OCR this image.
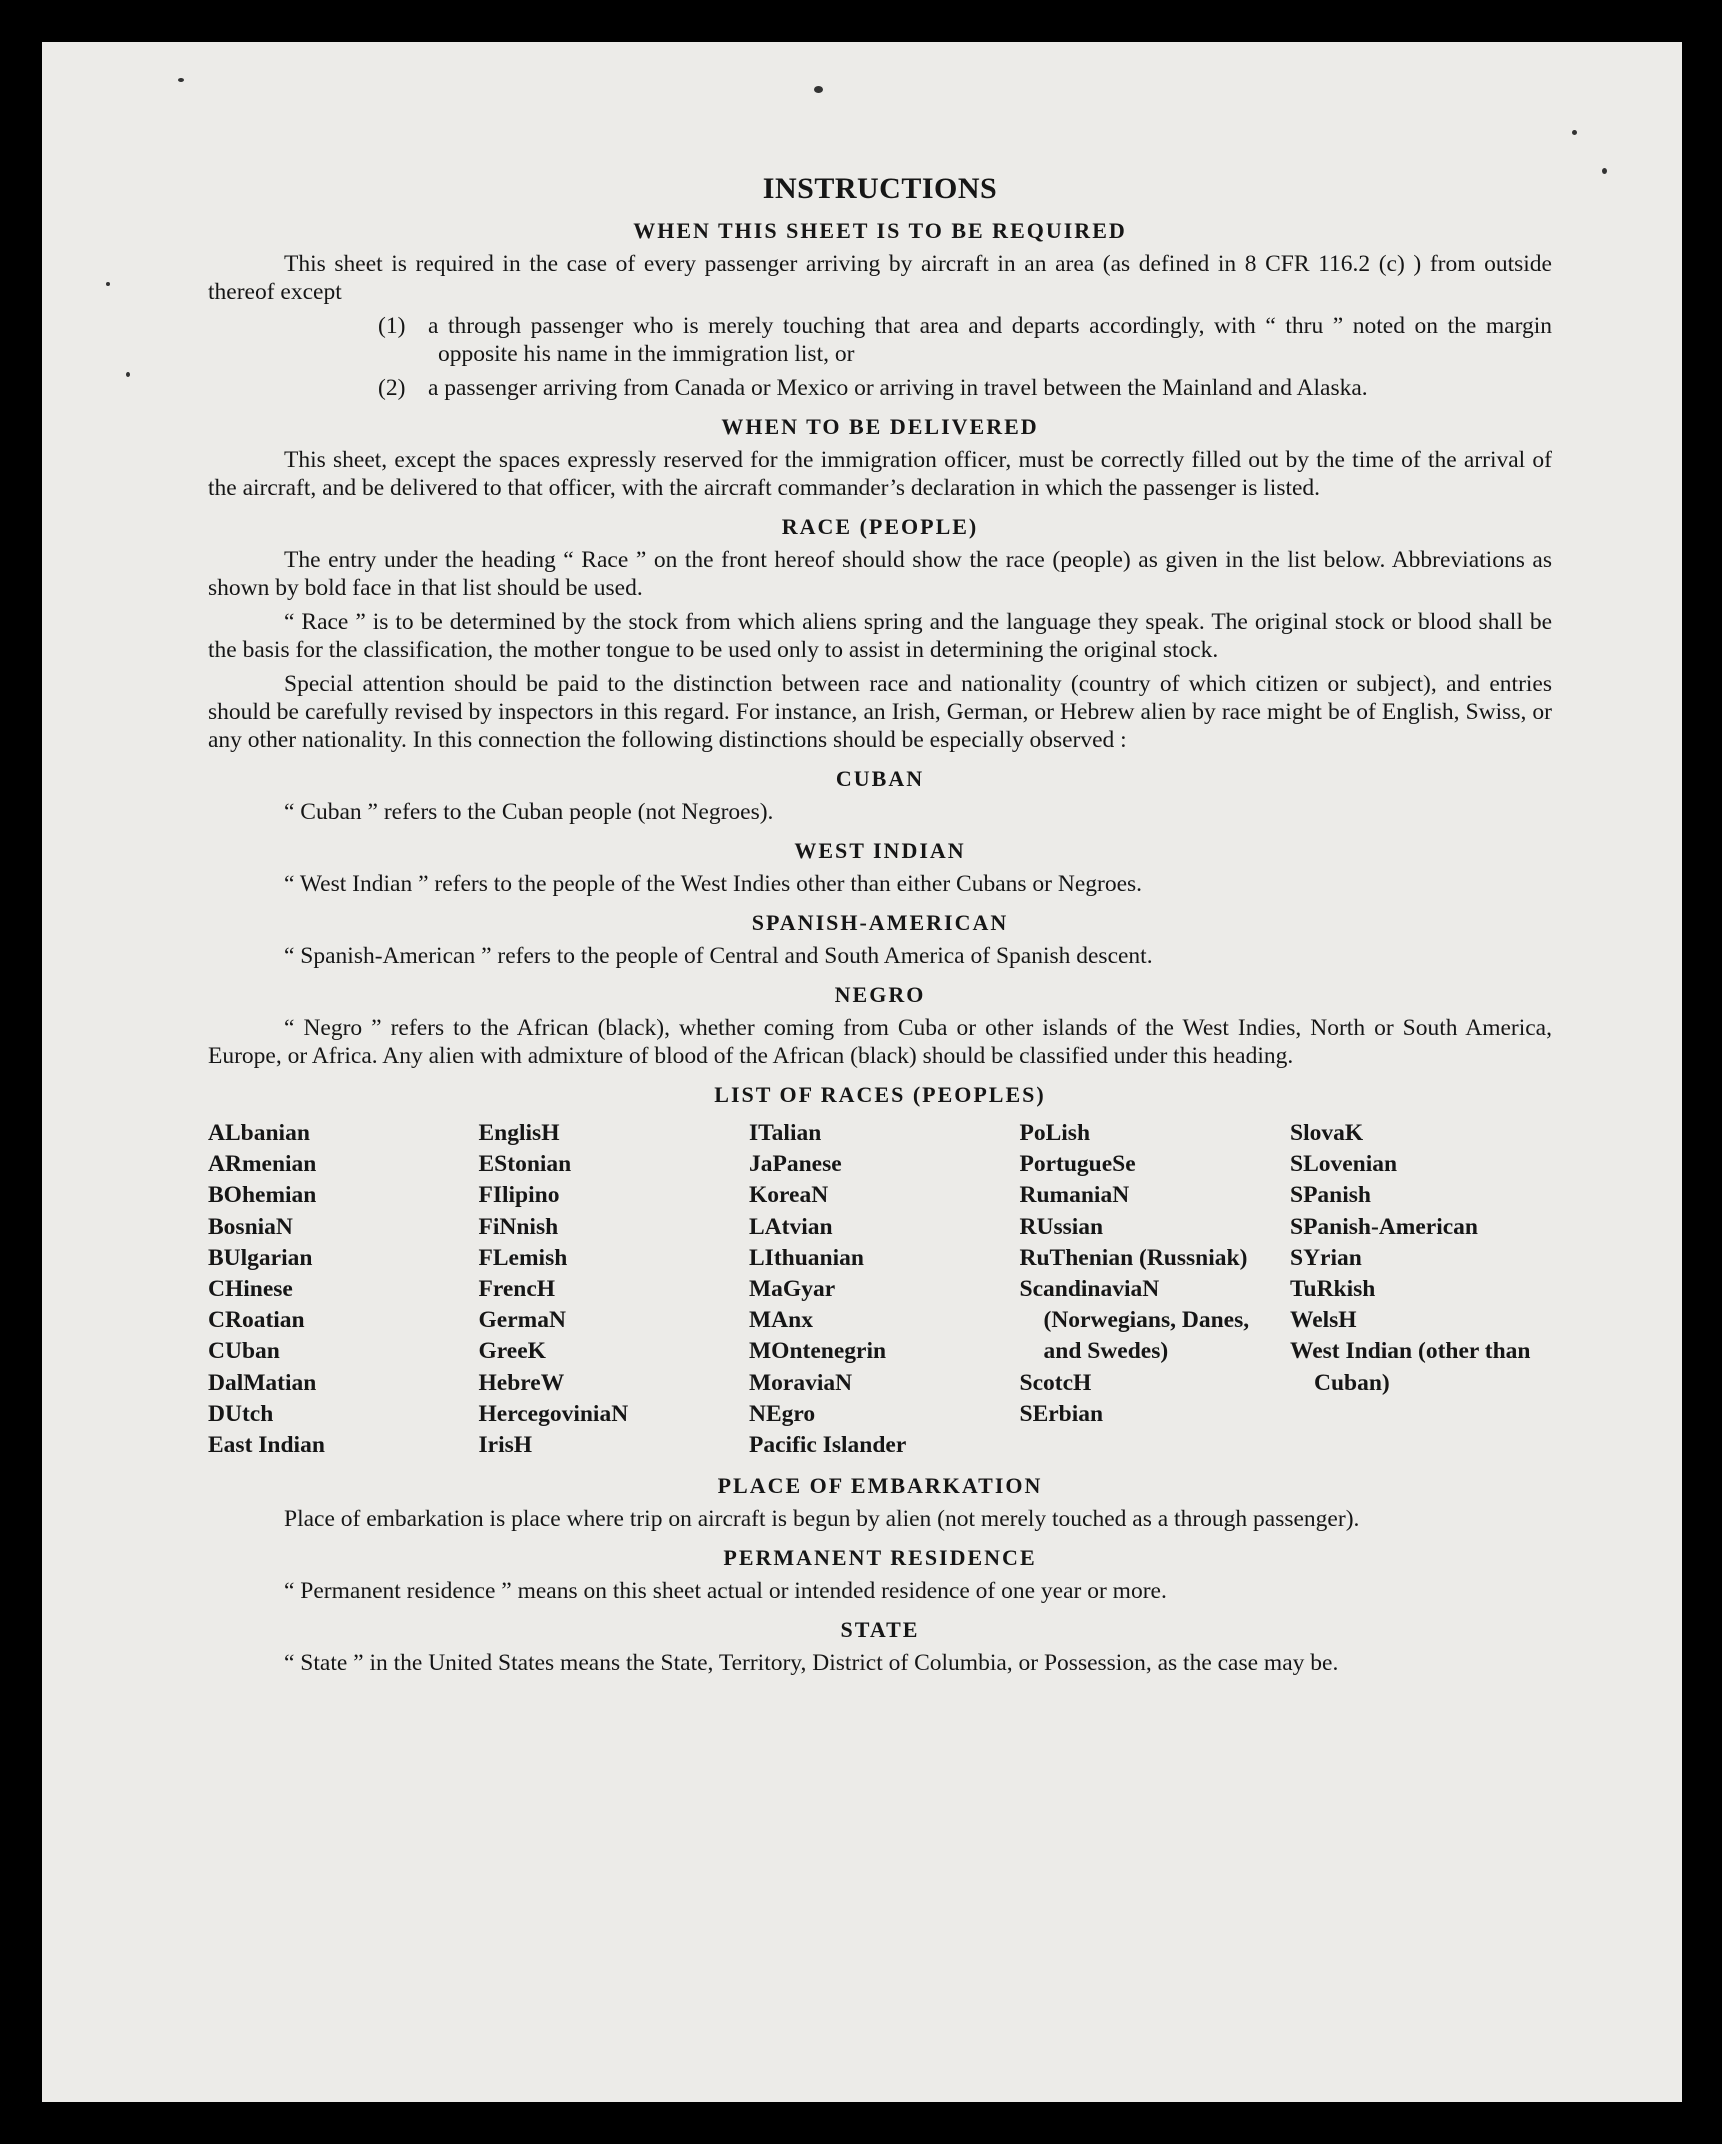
INSTRUCTIONS
WHEN THIS SHEET IS TO BE REQUIRED

This sheet is required in the case of every passenger arriving by aircraft in an area (as defined in 8 CFR 116.2 (c) ) from outside thereof except

(1) a through passenger who is merely touching that area and departs accordingly, with “ thru ” noted on the margin opposite his name in the immigration list, or
(2) a passenger arriving from Canada or Mexico or arriving in travel between the Mainland and Alaska.
WHEN TO BE DELIVERED

This sheet, except the spaces expressly reserved for the immigration officer, must be correctly filled out by the time of the arrival of the aircraft, and be delivered to that officer, with the aircraft commander’s declaration in which the passenger is listed.

RACE (PEOPLE)

The entry under the heading “ Race ” on the front hereof should show the race (people) as given in the list below. Abbreviations as shown by bold face in that list should be used.

“ Race ” is to be determined by the stock from which aliens spring and the language they speak. The original stock or blood shall be the basis for the classification, the mother tongue to be used only to assist in determining the original stock.

Special attention should be paid to the distinction between race and nationality (country of which citizen or subject), and entries should be carefully revised by inspectors in this regard. For instance, an Irish, German, or Hebrew alien by race might be of English, Swiss, or any other nationality. In this connection the following distinctions should be especially observed :

CUBAN
“ Cuban ” refers to the Cuban people (not Negroes).
WEST INDIAN
“ West Indian ” refers to the people of the West Indies other than either Cubans or Negroes.
SPANISH-AMERICAN
“ Spanish-American ” refers to the people of Central and South America of Spanish descent.
NEGRO

“ Negro ” refers to the African (black), whether coming from Cuba or other islands of the West Indies, North or South America, Europe, or Africa. Any alien with admixture of blood of the African (black) should be classified under this heading.

LIST OF RACES (PEOPLES)
ALbanian
ARmenian
BOhemian
BosniaN
BUlgarian
CHinese
CRoatian
CUban
DalMatian
DUtch
East Indian
EnglisH
EStonian
FIlipino
FiNnish
FLemish
FrencH
GermaN
GreeK
HebreW
HercegoviniaN
IrisH
ITalian
JaPanese
KoreaN
LAtvian
LIthuanian
MaGyar
MAnx
MOntenegrin
MoraviaN
NEgro
Pacific Islander
PoLish
PortugueSe
RumaniaN
RUssian
RuThenian (Russniak)
ScandinaviaN (Norwegians, Danes, and Swedes)
ScotcH
SErbian
SlovaK
SLovenian
SPanish
SPanish-American
SYrian
TuRkish
WelsH
West Indian (other than Cuban)
PLACE OF EMBARKATION

Place of embarkation is place where trip on aircraft is begun by alien (not merely touched as a through passenger).

PERMANENT RESIDENCE
“ Permanent residence ” means on this sheet actual or intended residence of one year or more.
STATE

“ State ” in the United States means the State, Territory, District of Columbia, or Possession, as the case may be.
